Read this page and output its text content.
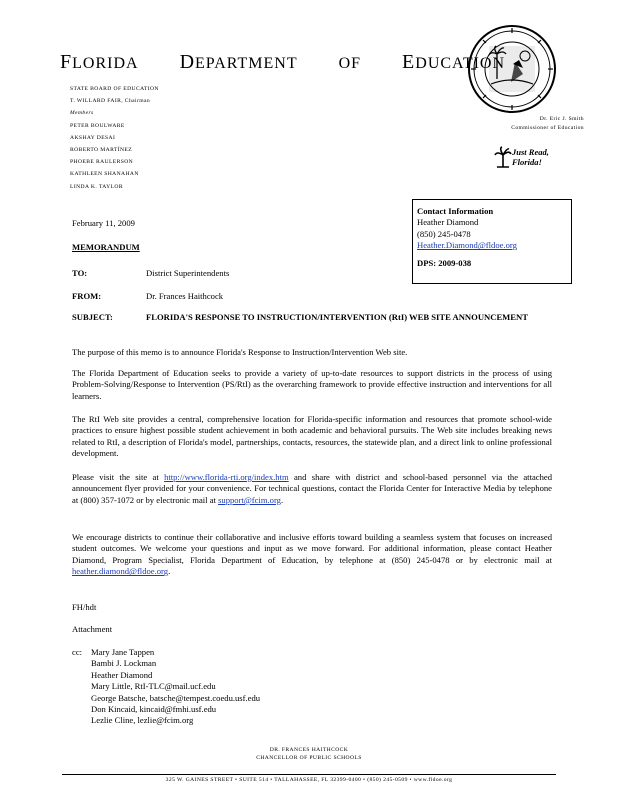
FLORIDA DEPARTMENT	OF EDUCATION
STATE BOARD OF EDUCATION
T. WILLARD FAIR, Chairman
Members
PETER BOULWARE
AKSHAY DESAI
ROBERTO MARTÍNEZ
PHOEBE RAULERSON
KATHLEEN SHANAHAN
LINDA K. TAYLOR
Dr. Eric J. Smith
Commissioner of Education
Just Read, Florida!
Contact Information
Heather Diamond
(850) 245-0478
Heather.Diamond@fldoe.org
DPS: 2009-038
February 11, 2009
MEMORANDUM
TO:	District Superintendents
FROM:	Dr. Frances Haithcock
SUBJECT:	FLORIDA'S RESPONSE TO INSTRUCTION/INTERVENTION (RtI) WEB SITE ANNOUNCEMENT
The purpose of this memo is to announce Florida's Response to Instruction/Intervention Web site.
The Florida Department of Education seeks to provide a variety of up-to-date resources to support districts in the process of using Problem-Solving/Response to Intervention (PS/RtI) as the overarching framework to provide effective instruction and interventions for all learners.
The RtI Web site provides a central, comprehensive location for Florida-specific information and resources that promote school-wide practices to ensure highest possible student achievement in both academic and behavioral pursuits. The Web site includes breaking news related to RtI, a description of Florida's model, partnerships, contacts, resources, the statewide plan, and a direct link to online professional development.
Please visit the site at http://www.florida-rti.org/index.htm and share with district and school-based personnel via the attached announcement flyer provided for your convenience. For technical questions, contact the Florida Center for Interactive Media by telephone at (800) 357-1072 or by electronic mail at support@fcim.org.
We encourage districts to continue their collaborative and inclusive efforts toward building a seamless system that focuses on increased student outcomes. We welcome your questions and input as we move forward. For additional information, please contact Heather Diamond, Program Specialist, Florida Department of Education, by telephone at (850) 245-0478 or by electronic mail at heather.diamond@fldoe.org.
FH/hdt
Attachment
cc: Mary Jane Tappen
Bambi J. Lockman
Heather Diamond
Mary Little, RtI-TLC@mail.ucf.edu
George Batsche, batsche@tempest.coedu.usf.edu
Don Kincaid, kincaid@fmhi.usf.edu
Lezlie Cline, lezlie@fcim.org
DR. FRANCES HAITHCOCK
CHANCELLOR OF PUBLIC SCHOOLS
325 W. GAINES STREET • SUITE 514 • TALLAHASSEE, FL 32399-0400 • (850) 245-0509 • www.fldoe.org
